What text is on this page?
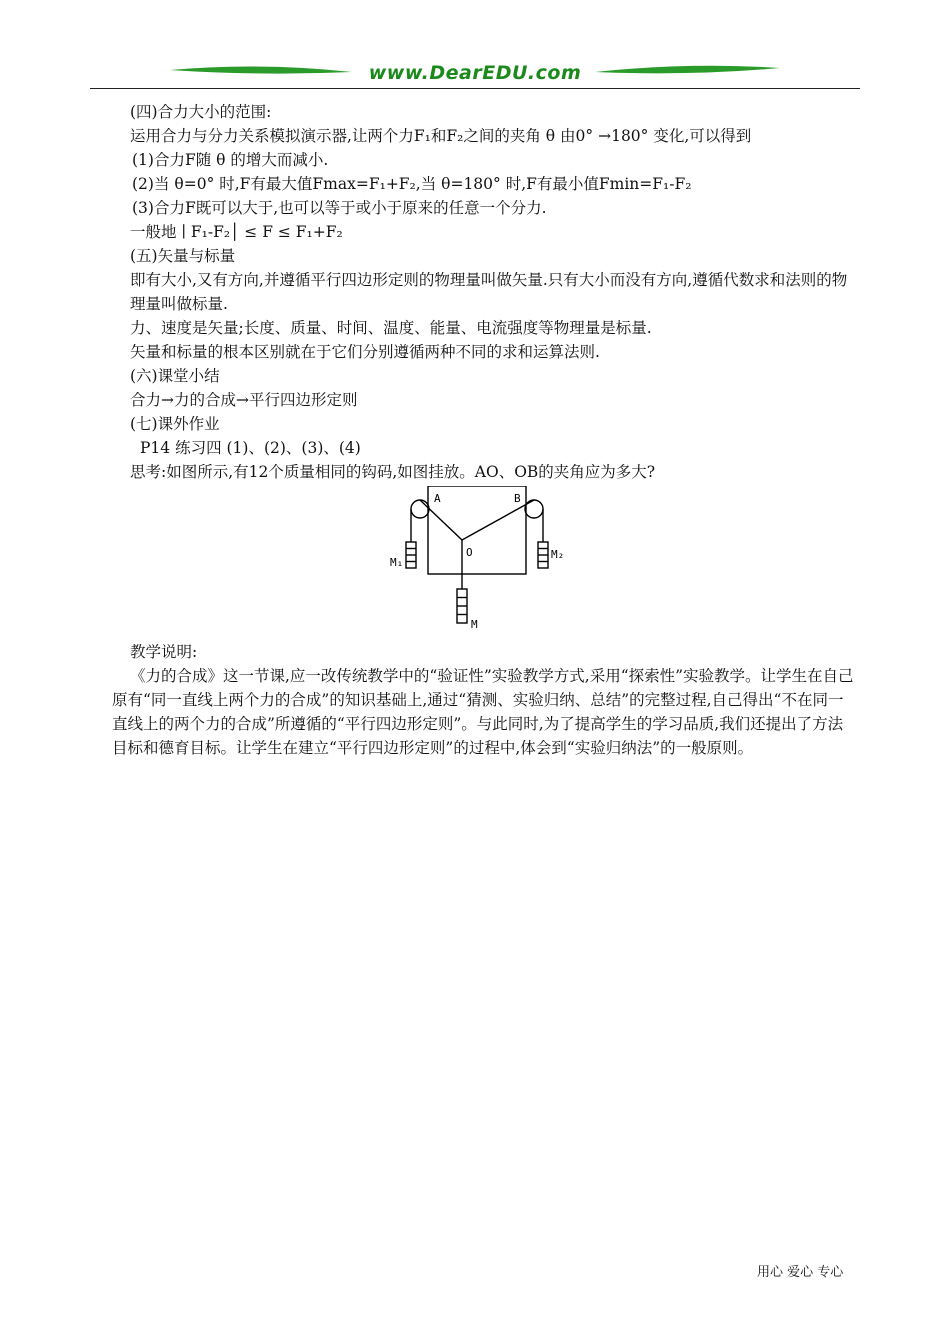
www.DearEDU.com
(四)合力大小的范围:
运用合力与分力关系模拟演示器,让两个力F₁和F₂之间的夹角 θ 由0° →180° 变化,可以得到
(1)合力F随 θ 的增大而减小.
(2)当 θ=0° 时,F有最大值Fmax=F₁+F₂,当 θ=180° 时,F有最小值Fmin=F₁-F₂
(3)合力F既可以大于,也可以等于或小于原来的任意一个分力.
一般地 ∣ F₁-F₂│ ≤ F ≤ F₁+F₂
(五)矢量与标量
即有大小,又有方向,并遵循平行四边形定则的物理量叫做矢量.只有大小而没有方向,遵循代数求和法则的物理量叫做标量.
力、速度是矢量;长度、质量、时间、温度、能量、电流强度等物理量是标量.
矢量和标量的根本区别就在于它们分别遵循两种不同的求和运算法则.
(六)课堂小结
合力→力的合成→平行四边形定则
(七)课外作业
P14 练习四 (1)、(2)、(3)、(4)
思考:如图所示,有12个质量相同的钩码,如图挂放。AO、OB的夹角应为多大?
A	B
O
M₁
M₂
M
教学说明:
《力的合成》这一节课,应一改传统教学中的“验证性”实验教学方式,采用“探索性”实验教学。让学生在自己原有“同一直线上两个力的合成”的知识基础上,通过“猜测、实验归纳、总结”的完整过程,自己得出“不在同一直线上的两个力的合成”所遵循的“平行四边形定则”。与此同时,为了提高学生的学习品质,我们还提出了方法目标和德育目标。让学生在建立“平行四边形定则”的过程中,体会到“实验归纳法”的一般原则。
用心 爱心 专心
